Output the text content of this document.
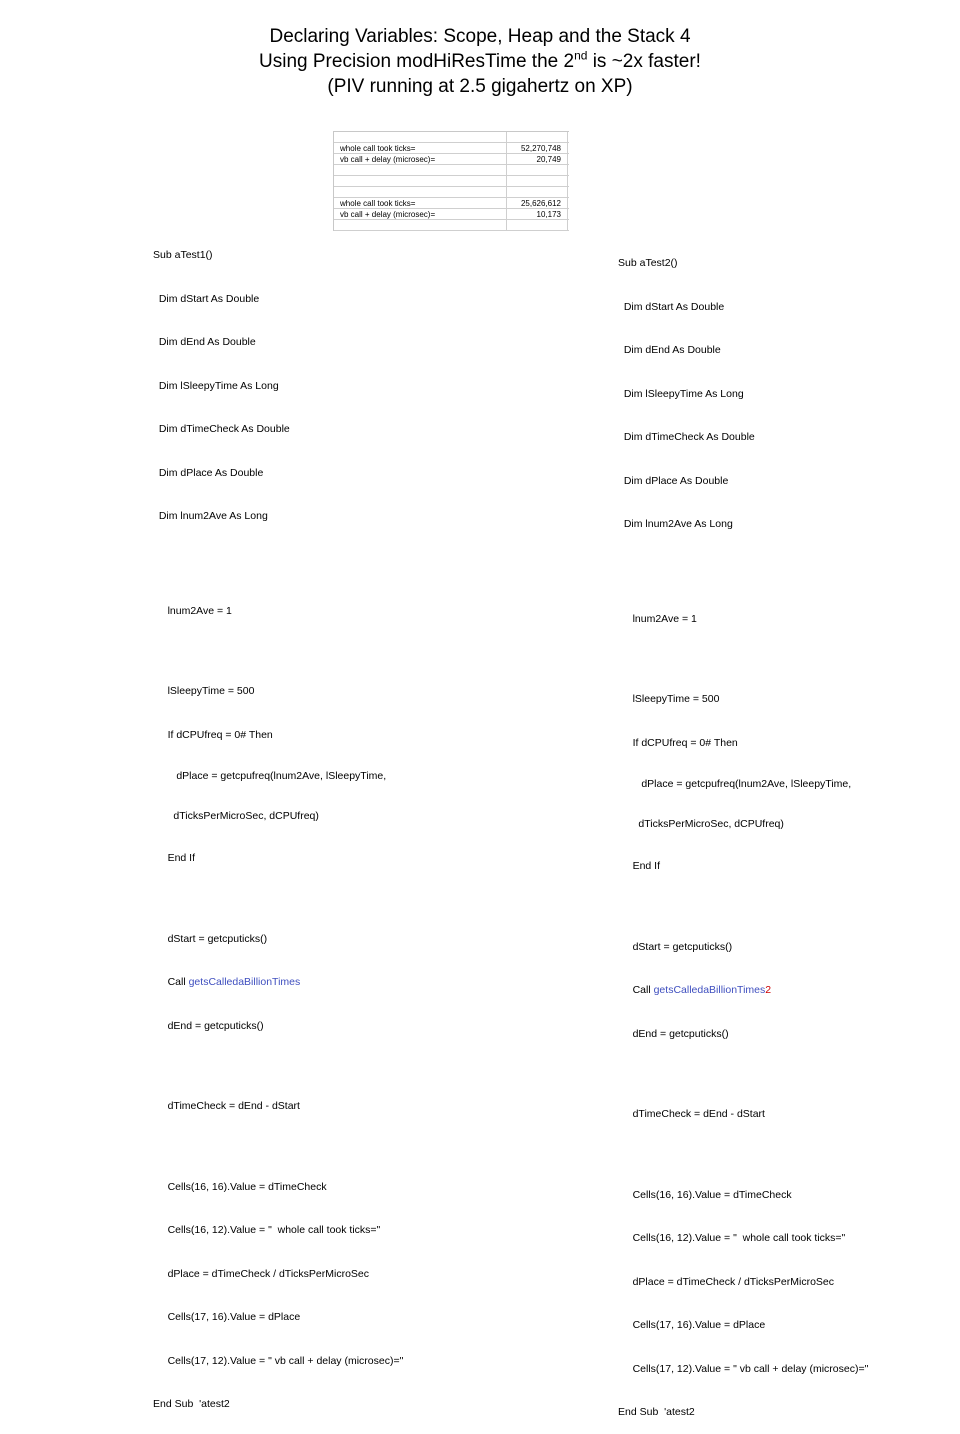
Declaring Variables: Scope, Heap and the Stack 4
Using Precision modHiResTime the 2nd is ~2x faster!
(PIV running at 2.5 gigahertz on XP)
whole call took ticks=	52,270,748
vb call + delay (microsec)=	20,749
whole call took ticks=	25,626,612
vb call + delay (microsec)=	10,173

Sub aTest1()

Dim dStart As Double

Dim dEnd As Double

Dim lSleepyTime As Long

Dim dTimeCheck As Double

Dim dPlace As Double

Dim lnum2Ave As Long

lnum2Ave = 1

lSleepyTime = 500

If dCPUfreq = 0# Then

dPlace = getcpufreq(lnum2Ave, lSleepyTime,

dTicksPerMicroSec, dCPUfreq)

End If

dStart = getcputicks()

Call getsCalledaBillionTimes

dEnd = getcputicks()

dTimeCheck = dEnd - dStart

Cells(16, 16).Value = dTimeCheck

Cells(16, 12).Value = "  whole call took ticks="

dPlace = dTimeCheck / dTicksPerMicroSec

Cells(17, 16).Value = dPlace

Cells(17, 12).Value = " vb call + delay (microsec)="

End Sub  'atest2

Sub aTest2()

Dim dStart As Double

Dim dEnd As Double

Dim lSleepyTime As Long

Dim dTimeCheck As Double

Dim dPlace As Double

Dim lnum2Ave As Long

lnum2Ave = 1

lSleepyTime = 500

If dCPUfreq = 0# Then

dPlace = getcpufreq(lnum2Ave, lSleepyTime,

dTicksPerMicroSec, dCPUfreq)

End If

dStart = getcputicks()

Call getsCalledaBillionTimes2

dEnd = getcputicks()

dTimeCheck = dEnd - dStart

Cells(16, 16).Value = dTimeCheck

Cells(16, 12).Value = "  whole call took ticks="

dPlace = dTimeCheck / dTicksPerMicroSec

Cells(17, 16).Value = dPlace

Cells(17, 12).Value = " vb call + delay (microsec)="

End Sub  'atest2
